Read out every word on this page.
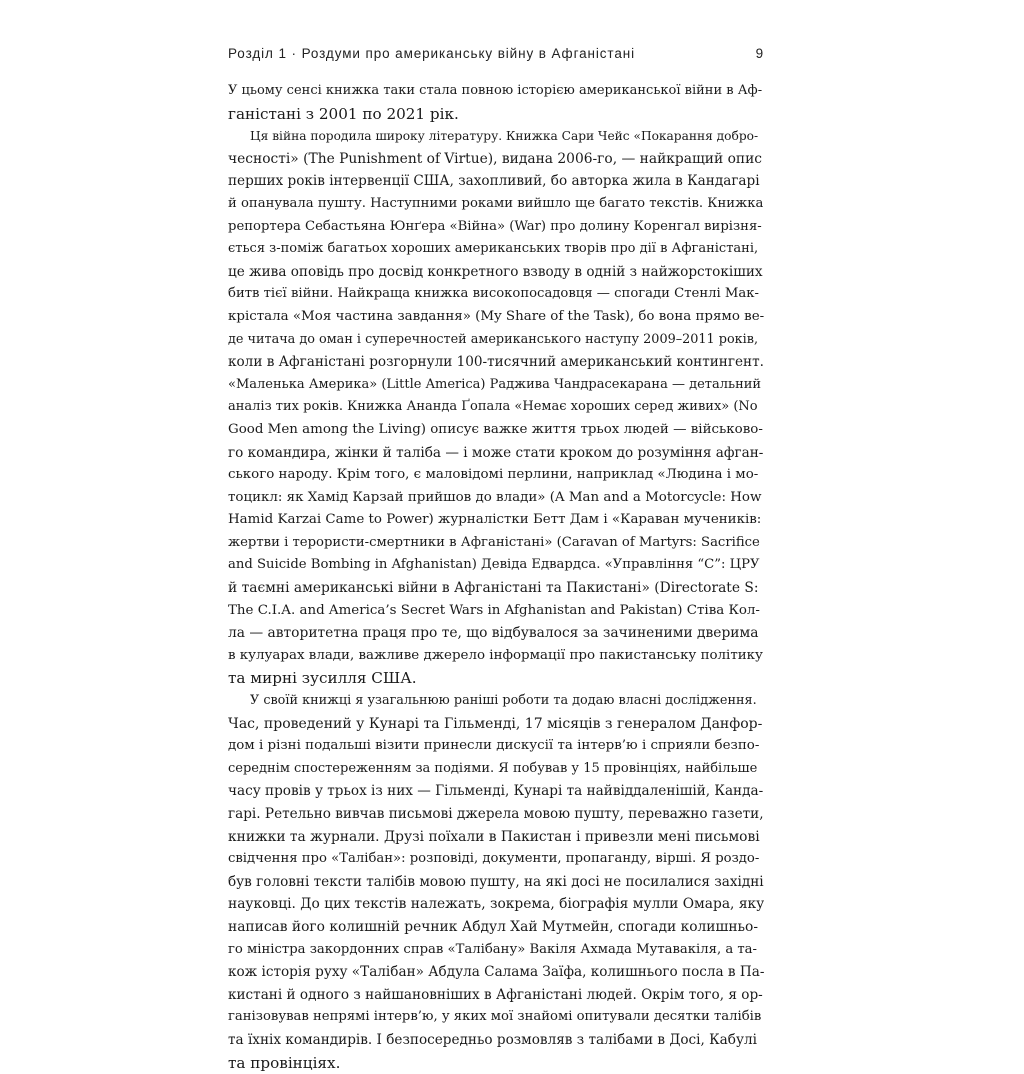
Розділ 1 · Роздуми про американську війну в Афганістані	9
У цьому сенсі книжка таки стала повною історією американської війни в Аф-
ганістані з 2001 по 2021 рік.
Ця війна породила широку літературу. Книжка Сари Чейс «Покарання добро-
чесності» (The Punishment of Virtue), видана 2006-го, — найкращий опис
перших років інтервенції США, захопливий, бо авторка жила в Кандагарі
й опанувала пушту. Наступними роками вийшло ще багато текстів. Книжка
репортера Себастьяна Юнґера «Війна» (War) про долину Коренгал вирізня-
ється з-поміж багатьох хороших американських творів про дії в Афганістані,
це жива оповідь про досвід конкретного взводу в одній з найжорстокіших
битв тієї війни. Найкраща книжка високопосадовця — спогади Стенлі Мак-
крістала «Моя частина завдання» (My Share of the Task), бо вона прямо ве-
де читача до оман і суперечностей американського наступу 2009–2011 років,
коли в Афганістані розгорнули 100-тисячний американський контингент.
«Маленька Америка» (Little America) Раджива Чандрасекарана — детальний
аналіз тих років. Книжка Ананда Ґопала «Немає хороших серед живих» (No
Good Men among the Living) описує важке життя трьох людей — військово-
го командира, жінки й таліба — і може стати кроком до розуміння афган-
ського народу. Крім того, є маловідомі перлини, наприклад «Людина і мо-
тоцикл: як Хамід Карзай прийшов до влади» (A Man and a Motorcycle: How
Hamid Karzai Came to Power) журналістки Бетт Дам і «Караван мучеників:
жертви і терористи-смертники в Афганістані» (Caravan of Martyrs: Sacrifice
and Suicide Bombing in Afghanistan) Девіда Едвардса. «Управління “С”: ЦРУ
й таємні американські війни в Афганістані та Пакистані» (Directorate S:
The C.I.A. and America’s Secret Wars in Afghanistan and Pakistan) Стіва Кол-
ла — авторитетна праця про те, що відбувалося за зачиненими дверима
в кулуарах влади, важливе джерело інформації про пакистанську політику
та мирні зусилля США.
У своїй книжці я узагальнюю раніші роботи та додаю власні дослідження.
Час, проведений у Кунарі та Гільменді, 17 місяців з генералом Данфор-
дом і різні подальші візити принесли дискусії та інтерв’ю і сприяли безпо-
середнім спостереженням за подіями. Я побував у 15 провінціях, найбільше
часу провів у трьох із них — Гільменді, Кунарі та найвіддаленішій, Канда-
гарі. Ретельно вивчав письмові джерела мовою пушту, переважно газети,
книжки та журнали. Друзі поїхали в Пакистан і привезли мені письмові
свідчення про «Талібан»: розповіді, документи, пропаганду, вірші. Я роздо-
був головні тексти талібів мовою пушту, на які досі не посилалися західні
науковці. До цих текстів належать, зокрема, біографія мулли Омара, яку
написав його колишній речник Абдул Хай Мутмейн, спогади колишньо-
го міністра закордонних справ «Талібану» Вакіля Ахмада Мутавакіля, а та-
кож історія руху «Талібан» Абдула Салама Заїфа, колишнього посла в Па-
кистані й одного з найшановніших в Афганістані людей. Окрім того, я ор-
ганізовував непрямі інтерв’ю, у яких мої знайомі опитували десятки талібів
та їхніх командирів. І безпосередньо розмовляв з талібами в Досі, Кабулі
та провінціях.
